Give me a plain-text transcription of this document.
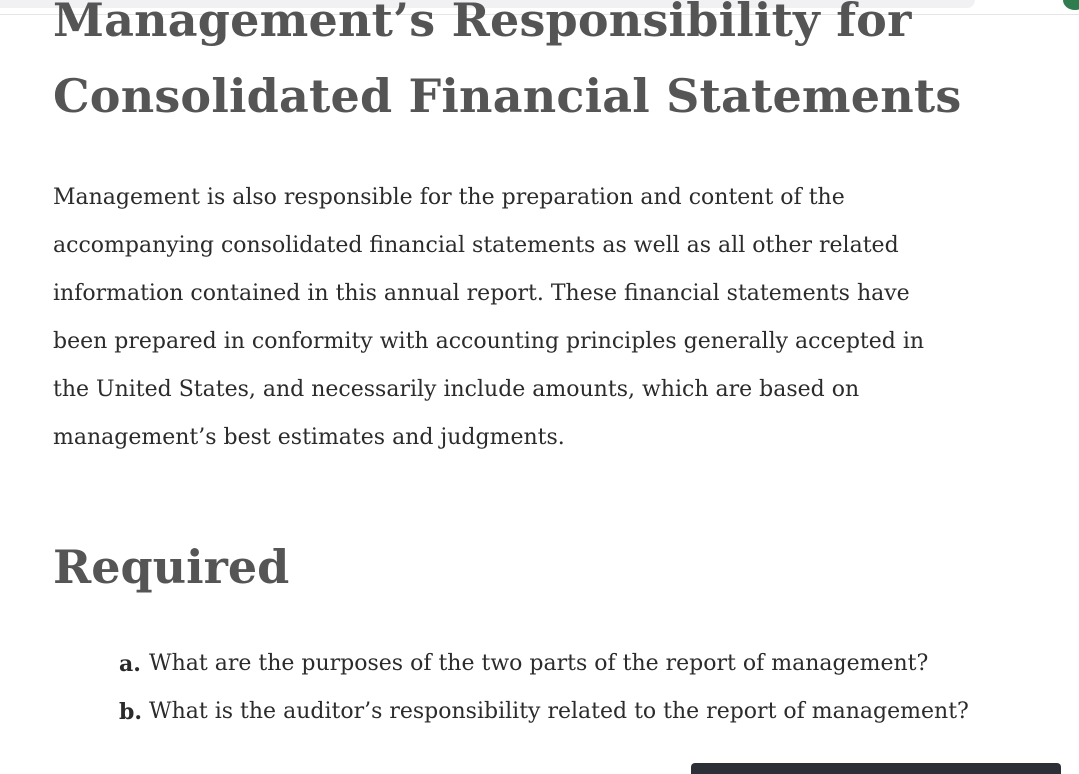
Management’s Responsibility for
Consolidated Financial Statements

Management is also responsible for the preparation and content of the
accompanying consolidated financial statements as well as all other related
information contained in this annual report. These financial statements have
been prepared in conformity with accounting principles generally accepted in
the United States, and necessarily include amounts, which are based on
management’s best estimates and judgments.

Required
a. What are the purposes of the two parts of the report of management?
b. What is the auditor’s responsibility related to the report of management?
